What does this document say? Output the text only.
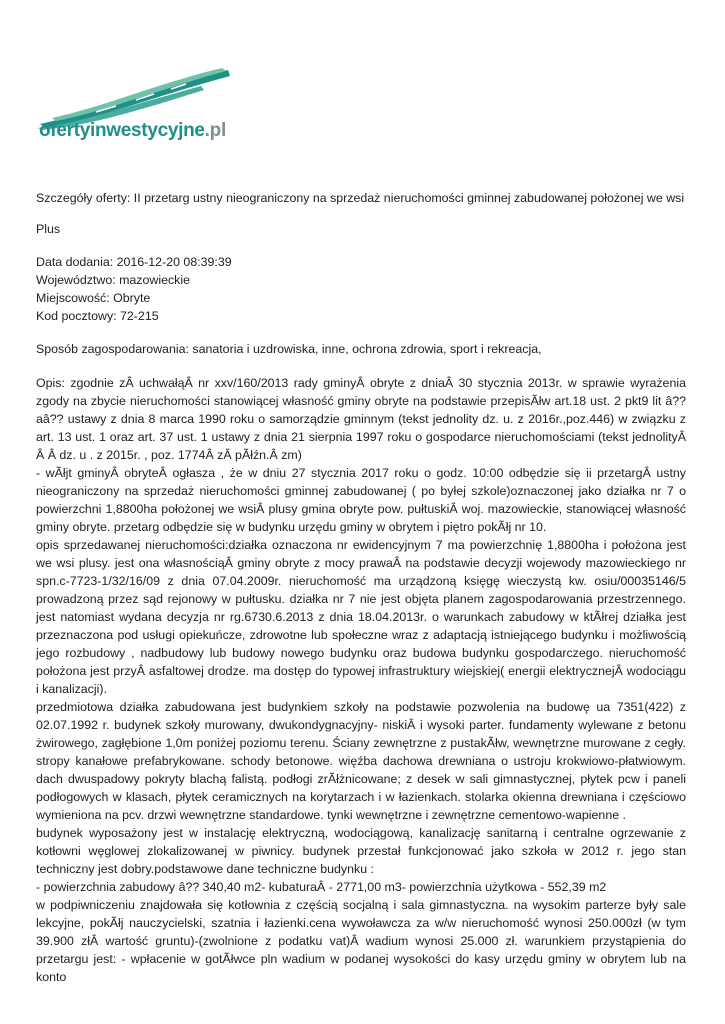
ofertyinwestycyjne.pl

Szczegóły oferty: II przetarg ustny nieograniczony na sprzedaż nieruchomości gminnej zabudowanej położonej we wsi

Plus

Data dodania: 2016-12-20 08:39:39

Województwo: mazowieckie

Miejscowość: Obryte

Kod pocztowy: 72-215

Sposób zagospodarowania: sanatoria i uzdrowiska, inne, ochrona zdrowia, sport i rekreacja,

Opis: zgodnie zÂ uchwałąÂ nr xxv/160/2013 rady gminyÂ obryte z dniaÂ 30 stycznia 2013r. w sprawie wyrażenia zgody na zbycie nieruchomości stanowiącej własność gminy obryte na podstawie przepisÃłw art.18 ust. 2 pkt9 lit â??aâ?? ustawy z dnia 8 marca 1990 roku o samorządzie gminnym (tekst jednolity dz. u. z 2016r.,poz.446) w związku z art. 13 ust. 1 oraz art. 37 ust. 1 ustawy z dnia 21 sierpnia 1997 roku o gospodarce nieruchomościami (tekst jednolityÂ Â Â dz. u . z 2015r. , poz. 1774Â zÂ pÃłźn.Â zm)

- wÃłjt gminyÂ obryteÂ ogłasza , że w dniu 27 stycznia 2017 roku o godz. 10:00 odbędzie się ii przetargÂ ustny nieograniczony na sprzedaż nieruchomości gminnej zabudowanej ( po byłej szkole)oznaczonej jako działka nr 7 o powierzchni 1,8800ha położonej we wsiÂ plusy gmina obryte pow. pułtuskiÂ woj. mazowieckie, stanowiącej własność gminy obryte. przetarg odbędzie się w budynku urzędu gminy w obrytem i piętro pokÃłj nr 10.

opis sprzedawanej nieruchomości:działka oznaczona nr ewidencyjnym 7 ma powierzchnię 1,8800ha i położona jest we wsi plusy. jest ona własnościąÂ gminy obryte z mocy prawaÂ na podstawie decyzji wojewody mazowieckiego nr spn.c-7723-1/32/16/09 z dnia 07.04.2009r. nieruchomość ma urządzoną księgę wieczystą kw. osiu/00035146/5 prowadzoną przez sąd rejonowy w pułtusku. działka nr 7 nie jest objęta planem zagospodarowania przestrzennego. jest natomiast wydana decyzja nr rg.6730.6.2013 z dnia 18.04.2013r. o warunkach zabudowy w ktÃłrej działka jest przeznaczona pod usługi opiekuńcze, zdrowotne lub społeczne wraz z adaptacją istniejącego budynku i możliwością jego rozbudowy , nadbudowy lub budowy nowego budynku oraz budowa budynku gospodarczego. nieruchomość położona jest przyÂ asfaltowej drodze. ma dostęp do typowej infrastruktury wiejskiej( energii elektrycznejÂ wodociągu i kanalizacji).

przedmiotowa działka zabudowana jest budynkiem szkoły na podstawie pozwolenia na budowę ua 7351(422) z 02.07.1992 r. budynek szkoły murowany, dwukondygnacyjny- niskiÂ i wysoki parter. fundamenty wylewane z betonu żwirowego, zagłębione 1,0m poniżej poziomu terenu. Ściany zewnętrzne z pustakÃłw, wewnętrzne murowane z cegły. stropy kanałowe prefabrykowane. schody betonowe. więźba dachowa drewniana o ustroju krokwiowo-płatwiowym. dach dwuspadowy pokryty blachą falistą. podłogi zrÃłżnicowane; z desek w sali gimnastycznej, płytek pcw i paneli podłogowych w klasach, płytek ceramicznych na korytarzach i w łazienkach. stolarka okienna drewniana i częściowo wymieniona na pcv. drzwi wewnętrzne standardowe. tynki wewnętrzne i zewnętrzne cementowo-wapienne .

budynek wyposażony jest w instalację elektryczną, wodociągową, kanalizację sanitarną i centralne ogrzewanie z kotłowni węglowej zlokalizowanej w piwnicy. budynek przestał funkcjonować jako szkoła w 2012 r. jego stan techniczny jest dobry.podstawowe dane techniczne budynku :

- powierzchnia zabudowy â?? 340,40 m2- kubaturaÂ - 2771,00 m3- powierzchnia użytkowa - 552,39 m2

w podpiwniczeniu znajdowała się kotłownia z częścią socjalną i sala gimnastyczna. na wysokim parterze były sale lekcyjne, pokÃłj nauczycielski, szatnia i łazienki.cena wywoławcza za w/w nieruchomość wynosi 250.000zł (w tym 39.900 złÂ wartość gruntu)-(zwolnione z podatku vat)Â wadium wynosi 25.000 zł. warunkiem przystąpienia do przetargu jest: - wpłacenie w gotÃłwce pln wadium w podanej wysokości do kasy urzędu gminy w obrytem lub na konto
